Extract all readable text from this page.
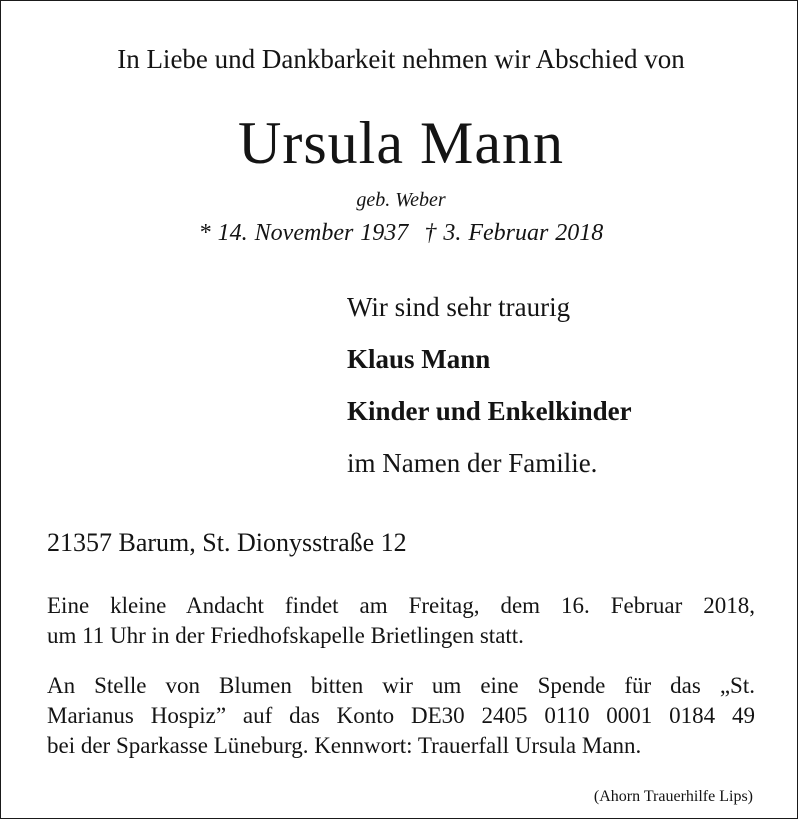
In Liebe und Dankbarkeit nehmen wir Abschied von
Ursula Mann
geb. Weber
* 14. November 1937 † 3. Februar 2018
Wir sind sehr traurig
Klaus Mann
Kinder und Enkelkinder
im Namen der Familie.
21357 Barum, St. Dionysstraße 12
Eine kleine Andacht findet am Freitag, dem 16. Februar 2018,
um 11 Uhr in der Friedhofskapelle Brietlingen statt.
An Stelle von Blumen bitten wir um eine Spende für das „St.
Marianus Hospiz” auf das Konto DE30 2405 0110 0001 0184 49
bei der Sparkasse Lüneburg. Kennwort: Trauerfall Ursula Mann.
(Ahorn Trauerhilfe Lips)
